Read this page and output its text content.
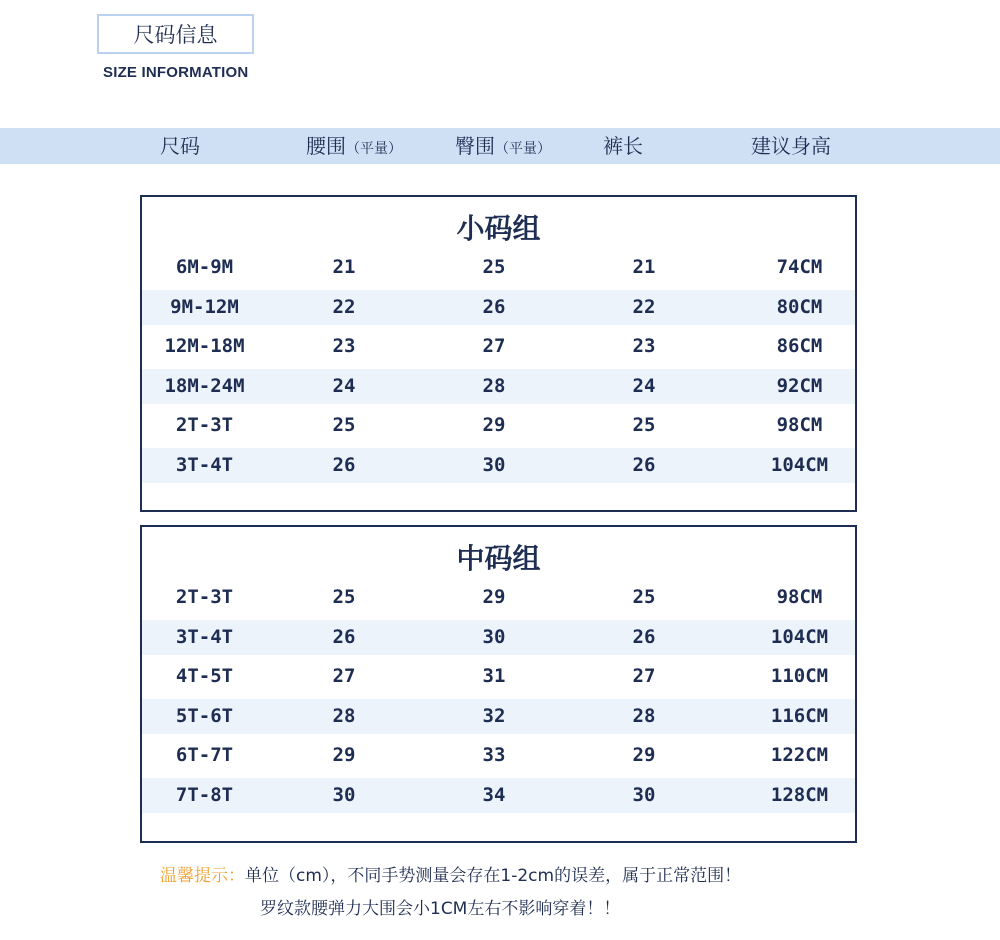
尺码信息
SIZE INFORMATION
尺码	腰围（平量）	臀围（平量）	裤长	建议身高
小码组
6M-9M	21	25	21	74CM
9M-12M	22	26	22	80CM
12M-18M	23	27	23	86CM
18M-24M	24	28	24	92CM
2T-3T	25	29	25	98CM
3T-4T	26	30	26	104CM
中码组
2T-3T	25	29	25	98CM
3T-4T	26	30	26	104CM
4T-5T	27	31	27	110CM
5T-6T	28	32	28	116CM
6T-7T	29	33	29	122CM
7T-8T	30	34	30	128CM
温馨提示：单位（cm），不同手势测量会存在1-2cm的误差，属于正常范围！
罗纹款腰弹力大围会小1CM左右不影响穿着！！
